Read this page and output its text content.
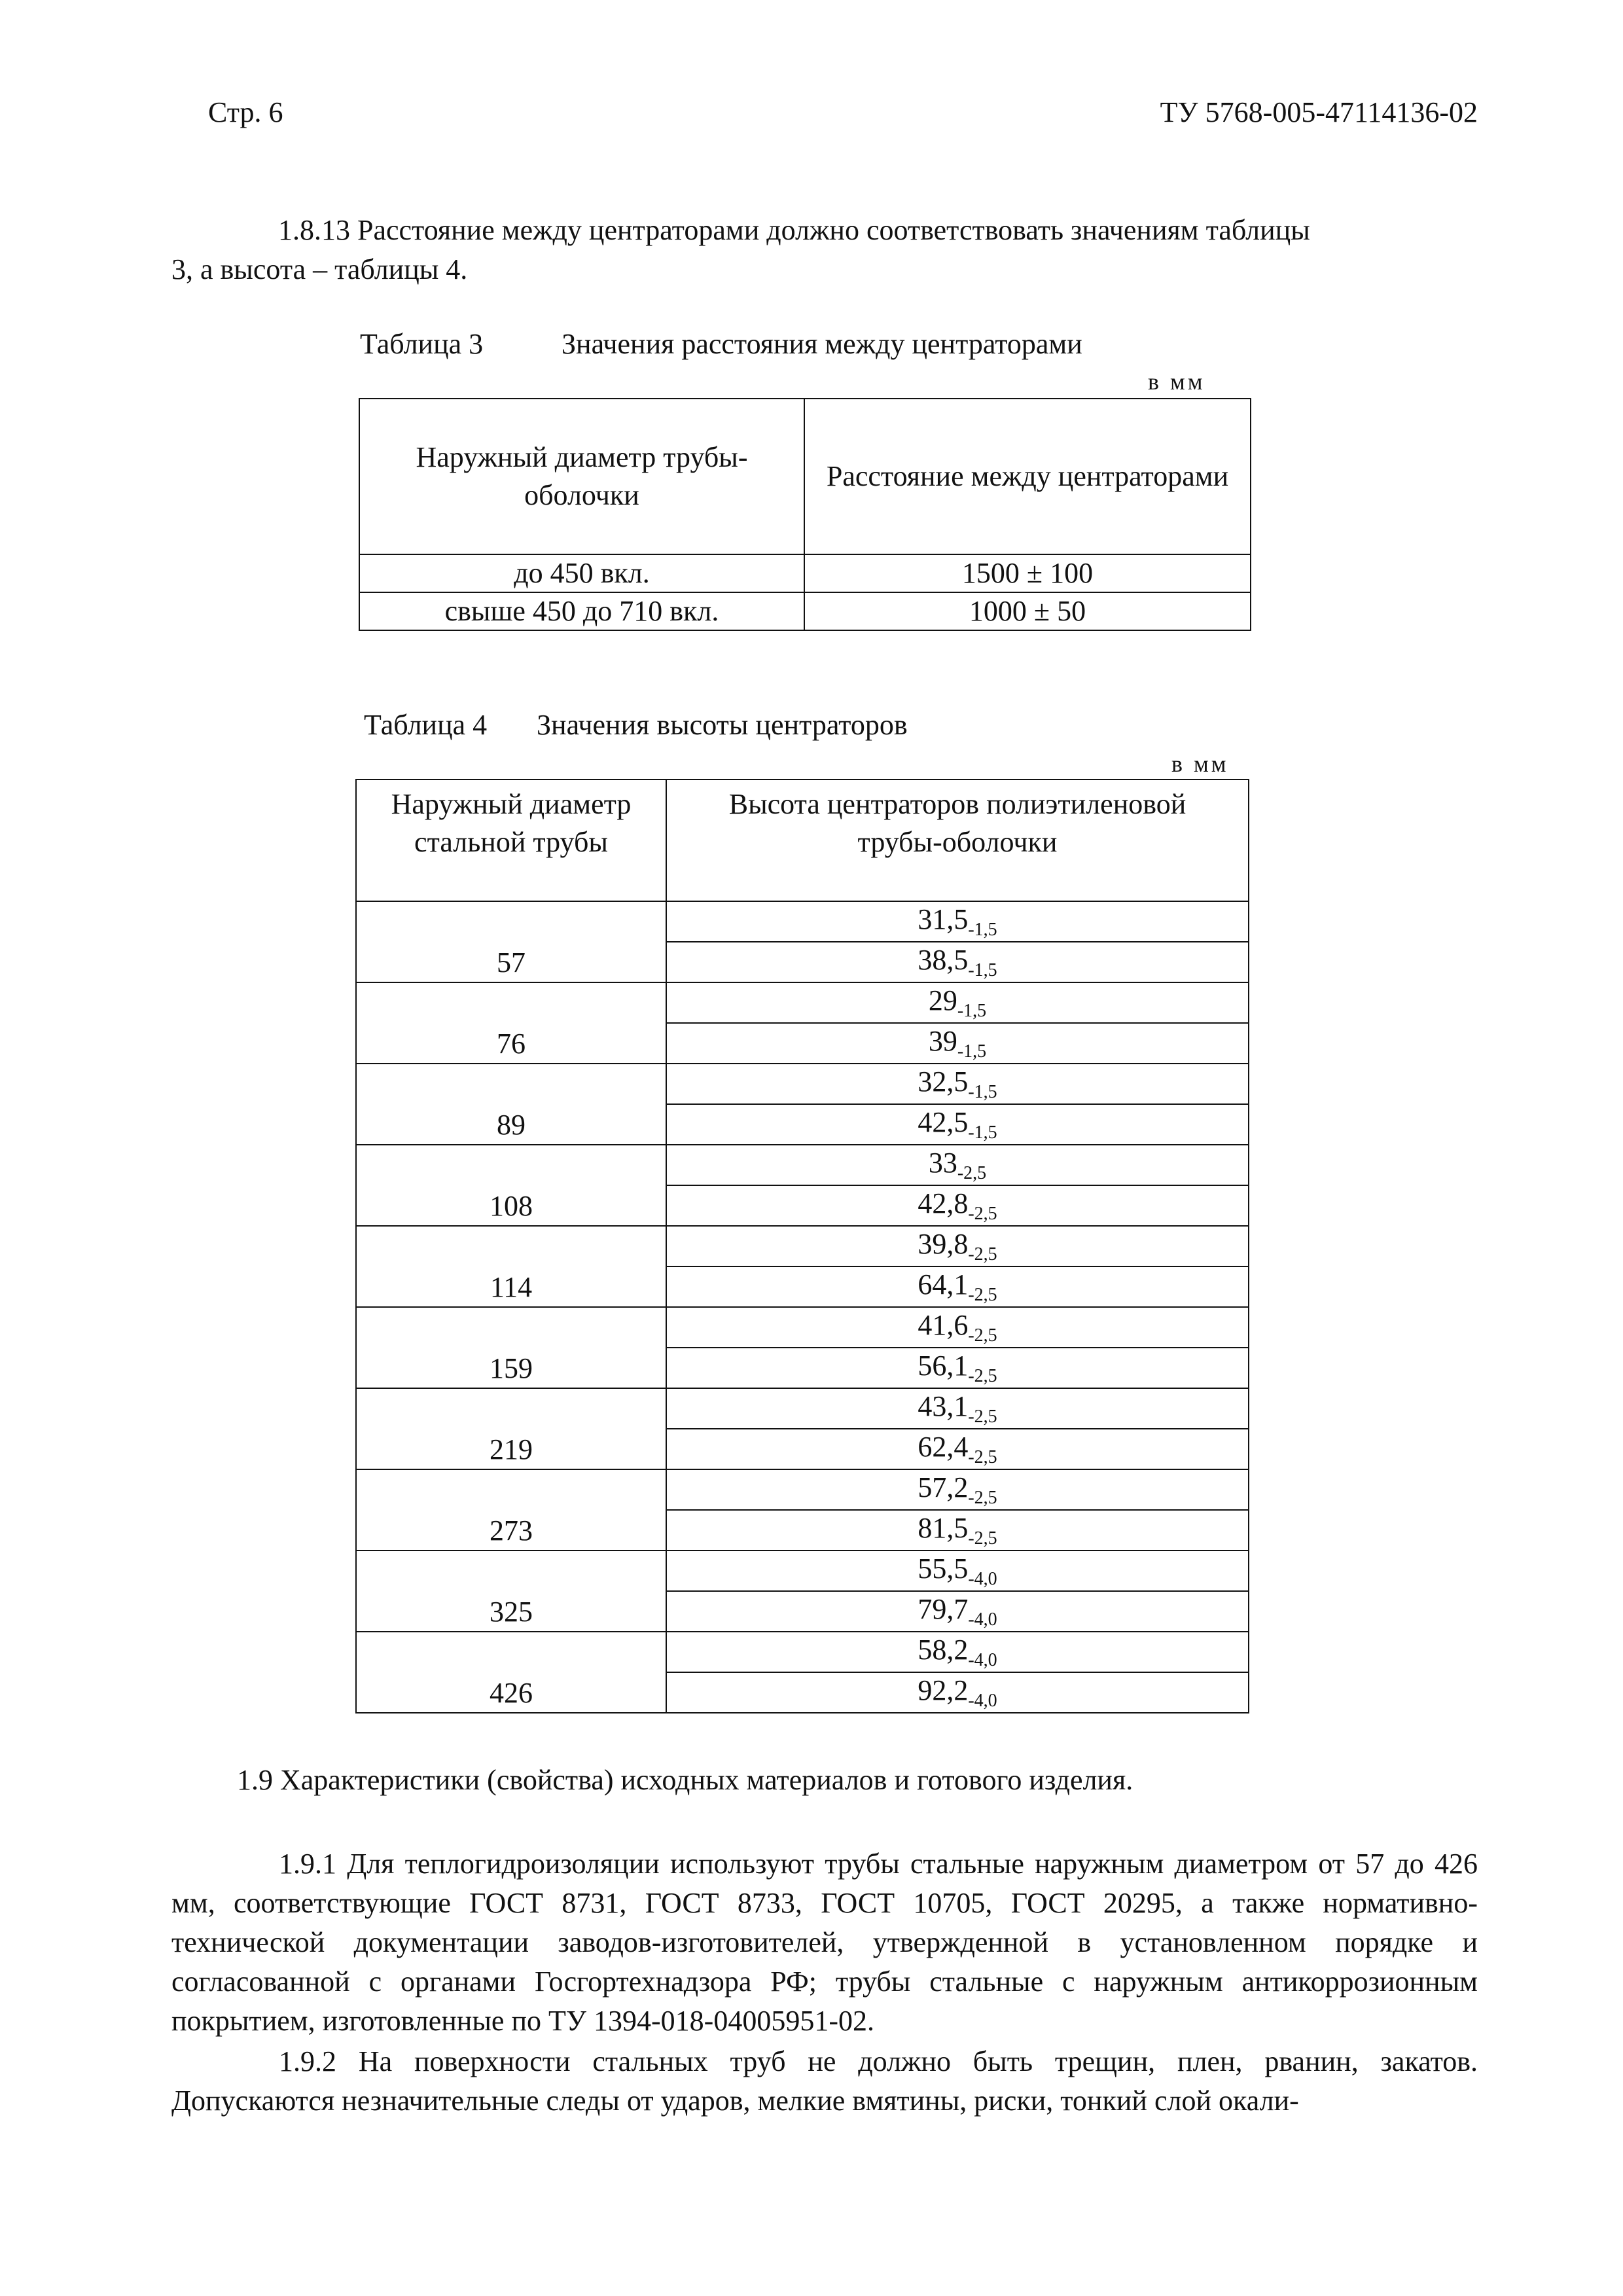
Стр. 6	ТУ 5768-005-47114136-02
1.8.13 Расстояние между центраторами должно соответствовать значениям таблицы
3, а высота – таблицы 4.
Таблица 3	Значения расстояния между центраторами
в мм
Наружный диаметр трубы-оболочки	Расстояние между центраторами

до 450 вкл.	1500 ± 100
свыше 450 до 710 вкл.	1000 ± 50
Таблица 4 Значения высоты центраторов
в мм
Наружный диаметр стальной трубы	Высота центраторов полиэтиленовой трубы-оболочки

57	$31,5_{-1,5}$
	$38,5_{-1,5}$
76	$29_{-1,5}$
	$39_{-1,5}$
89	$32,5_{-1,5}$
	$42,5_{-1,5}$
108	$33_{-2,5}$
	$42,8_{-2,5}$
114	$39,8_{-2,5}$
	$64,1_{-2,5}$
159	$41,6_{-2,5}$
	$56,1_{-2,5}$
219	$43,1_{-2,5}$
	$62,4_{-2,5}$
273	$57,2_{-2,5}$
	$81,5_{-2,5}$
325	$55,5_{-4,0}$
	$79,7_{-4,0}$
426	$58,2_{-4,0}$
	$92,2_{-4,0}$
1.9 Характеристики (свойства) исходных материалов и готового изделия.
1.9.1 Для теплогидроизоляции используют трубы стальные наружным диаметром от 57 до 426 мм, соответствующие ГОСТ 8731, ГОСТ 8733, ГОСТ 10705, ГОСТ 20295, а также нормативно-технической документации заводов-изготовителей, утвержденной в установленном порядке и согласованной с органами Госгортехнадзора РФ; трубы стальные с наружным антикоррозионным покрытием, изготовленные по ТУ 1394-018-04005951-02.
1.9.2 На поверхности стальных труб не должно быть трещин, плен, рванин, закатов. Допускаются незначительные следы от ударов, мелкие вмятины, риски, тонкий слой окали-
